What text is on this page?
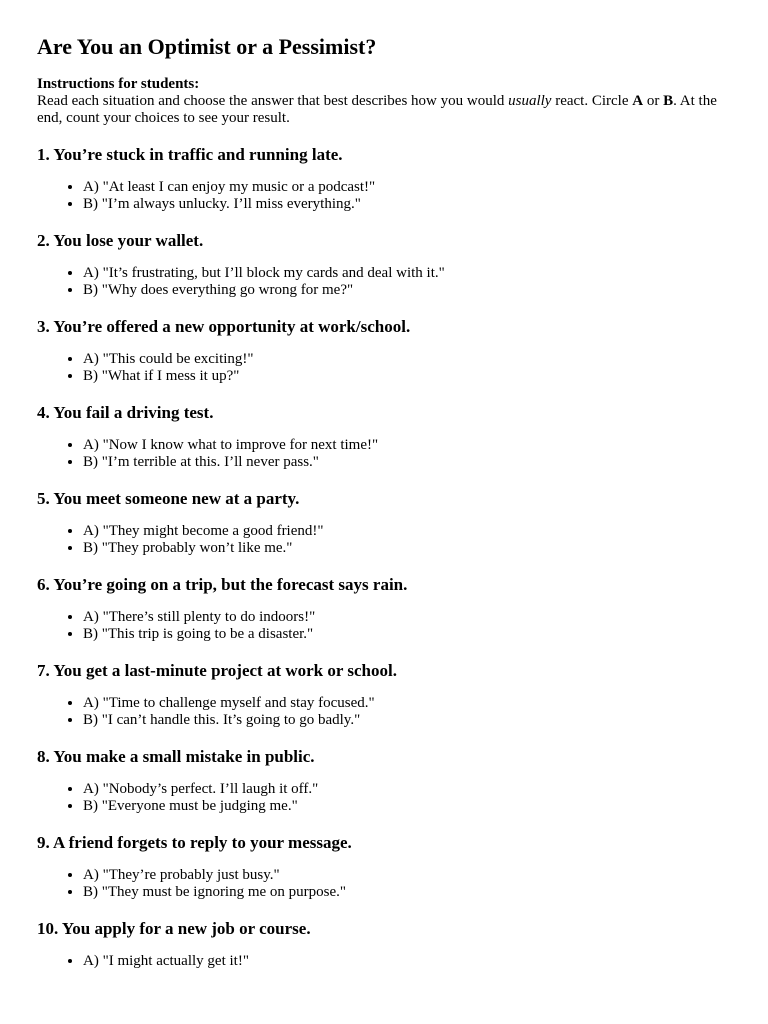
Are You an Optimist or a Pessimist?
Instructions for students:
Read each situation and choose the answer that best describes how you would usually react. Circle A or B. At the end, count your choices to see your result.
1. You’re stuck in traffic and running late.
• A) "At least I can enjoy my music or a podcast!"
• B) "I’m always unlucky. I’ll miss everything."
2. You lose your wallet.
• A) "It’s frustrating, but I’ll block my cards and deal with it."
• B) "Why does everything go wrong for me?"
3. You’re offered a new opportunity at work/school.
• A) "This could be exciting!"
• B) "What if I mess it up?"
4. You fail a driving test.
• A) "Now I know what to improve for next time!"
• B) "I’m terrible at this. I’ll never pass."
5. You meet someone new at a party.
• A) "They might become a good friend!"
• B) "They probably won’t like me."
6. You’re going on a trip, but the forecast says rain.
• A) "There’s still plenty to do indoors!"
• B) "This trip is going to be a disaster."
7. You get a last-minute project at work or school.
• A) "Time to challenge myself and stay focused."
• B) "I can’t handle this. It’s going to go badly."
8. You make a small mistake in public.
• A) "Nobody’s perfect. I’ll laugh it off."
• B) "Everyone must be judging me."
9. A friend forgets to reply to your message.
• A) "They’re probably just busy."
• B) "They must be ignoring me on purpose."
10. You apply for a new job or course.
• A) "I might actually get it!"
